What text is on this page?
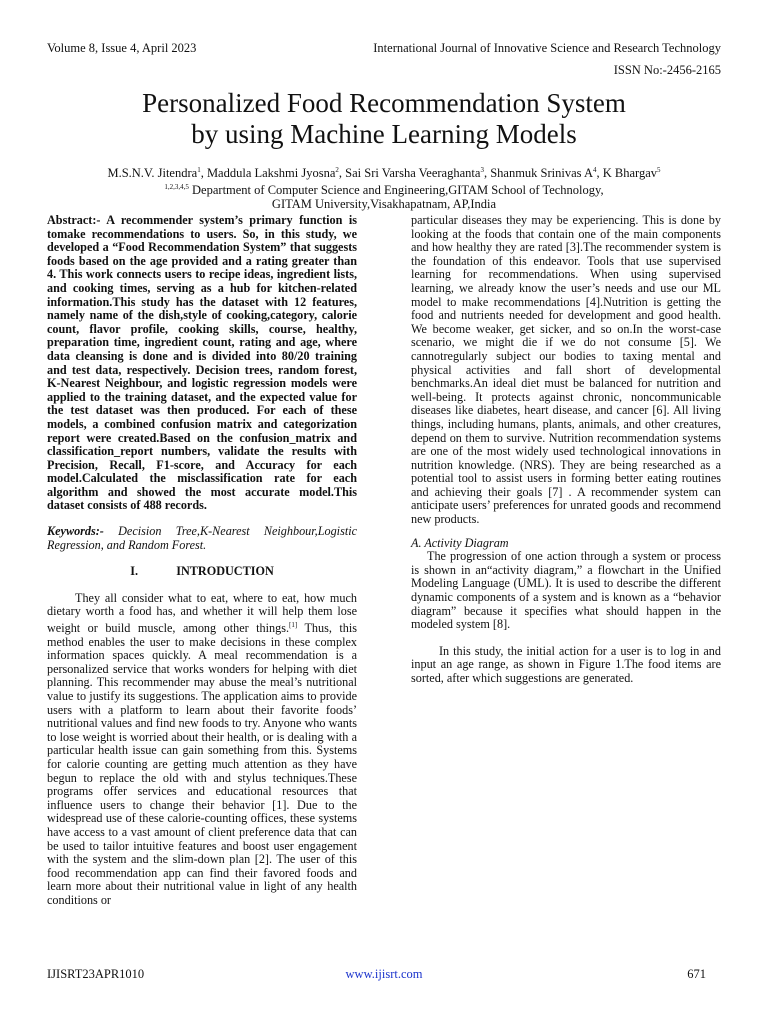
Volume 8, Issue 4, April 2023	International Journal of Innovative Science and Research Technology
ISSN No:-2456-2165
Personalized Food Recommendation System
by using Machine Learning Models
M.S.N.V. Jitendra$^1$, Maddula Lakshmi Jyosna$^2$, Sai Sri Varsha Veeraghanta$^3$, Shanmuk Srinivas $A^4$, K Bhargav$^5$
$^{1,2,3,4,5}$ Department of Computer Science and Engineering,GITAM School of Technology,
GITAM University,Visakhapatnam, AP,India

Abstract:- A recommender system’s primary function is tomake recommendations to users. So, in this study, we developed a “Food Recommendation System” that suggests foods based on the age provided and a rating greater than 4. This work connects users to recipe ideas, ingredient lists, and cooking times, serving as a hub for kitchen-related information.This study has the dataset with 12 features, namely name of the dish,style of cooking,category, calorie count, flavor profile, cooking skills, course, healthy, preparation time, ingredient count, rating and age, where data cleansing is done and is divided into 80/20 training and test data, respectively. Decision trees, random forest, K-Nearest Neighbour, and logistic regression models were applied to the training dataset, and the expected value for the test dataset was then produced. For each of these models, a combined confusion matrix and categorization report were created.Based on the confusion_matrix and classification_report numbers, validate the results with Precision, Recall, F1-score, and Accuracy for each model.Calculated the misclassification rate for each algorithm and showed the most accurate model.This dataset consists of 488 records.

Keywords:- Decision Tree,K-Nearest Neighbour,Logistic Regression, and Random Forest.

I.	INTRODUCTION

They all consider what to eat, where to eat, how much dietary worth a food has, and whether it will help them lose weight or build muscle, among other things.[1] Thus, this method enables the user to make decisions in these complex information spaces quickly. A meal recommendation is a personalized service that works wonders for helping with diet planning. This recommender may abuse the meal’s nutritional value to justify its suggestions. The application aims to provide users with a platform to learn about their favorite foods’ nutritional values and find new foods to try. Anyone who wants to lose weight is worried about their health, or is dealing with a particular health issue can gain something from this. Systems for calorie counting are getting much attention as they have begun to replace the old with and stylus techniques.These programs offer services and educational resources that influence users to change their behavior [1]. Due to the widespread use of these calorie-counting offices, these systems have access to a vast amount of client preference data that can be used to tailor intuitive features and boost user engagement with the system and the slim-down plan [2]. The user of this food recommendation app can find their favored foods and learn more about their nutritional value in light of any health conditions or

particular diseases they may be experiencing. This is done by looking at the foods that contain one of the main components and how healthy they are rated [3].The recommender system is the foundation of this endeavor. Tools that use supervised learning for recommendations. When using supervised learning, we already know the user’s needs and use our ML model to make recommendations [4].Nutrition is getting the food and nutrients needed for development and good health. We become weaker, get sicker, and so on.In the worst-case scenario, we might die if we do not consume [5]. We cannotregularly subject our bodies to taxing mental and physical activities and fall short of developmental benchmarks.An ideal diet must be balanced for nutrition and well-being. It protects against chronic, noncommunicable diseases like diabetes, heart disease, and cancer [6]. All living things, including humans, plants, animals, and other creatures, depend on them to survive. Nutrition recommendation systems are one of the most widely used technological innovations in nutrition knowledge. (NRS). They are being researched as a potential tool to assist users in forming better eating routines and achieving their goals [7] . A recommender system can anticipate users’ preferences for unrated goods and recommend new products.

A. Activity Diagram

The progression of one action through a system or process is shown in an“activity diagram,” a flowchart in the Unified Modeling Language (UML). It is used to describe the different dynamic components of a system and is known as a “behavior diagram” because it specifies what should happen in the modeled system [8].

In this study, the initial action for a user is to log in and input an age range, as shown in Figure 1.The food items are sorted, after which suggestions are generated.

IJISRT23APR1010	www.ijisrt.com	671
